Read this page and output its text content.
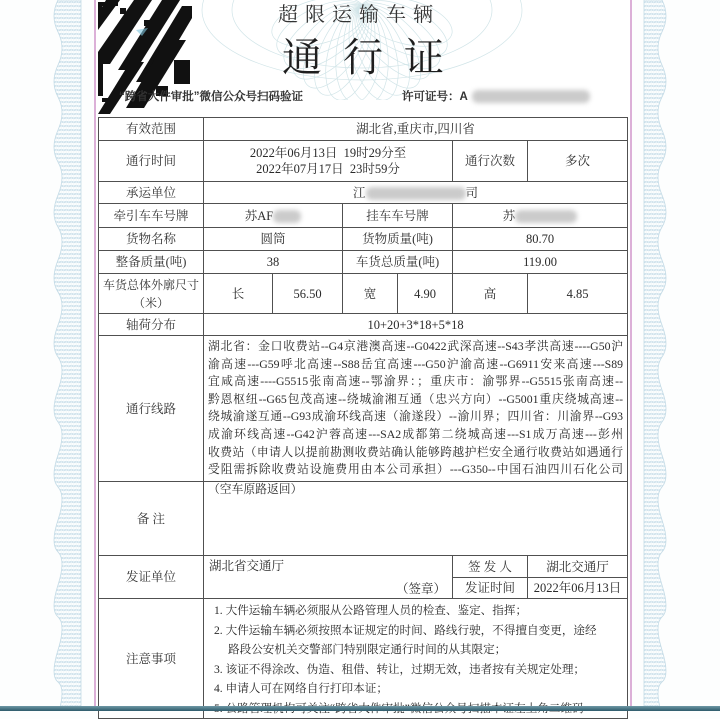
超限运输车辆
通行证
“跨省大件审批”微信公众号扫码验证	许可证号：A
有效范围	湖北省,重庆市,四川省					
通行时间	2022年06月13日  19时29分至
2022年07月17日  23时59分				通行次数	多次
承运单位	江 司					
牵引车车号牌	苏AF		挂车车号牌		苏	
货物名称	圆筒		货物质量(吨)		80.70	
整备质量(吨)	38		车货总质量(吨)		119.00	

车货总体外廓尺寸
（米）	长	56.50	宽	4.90	高	4.85
轴荷分布	10+20+3*18+5*18					
通行线路	
湖北省：金口收费站--G4京港澳高速--G0422武深高速--S43孝洪高速----G50沪
渝高速---G59呼北高速--S88岳宜高速---G50沪渝高速--G6911安来高速---S89
宜咸高速----G5515张南高速--鄂渝界：；重庆市：渝鄂界--G5515张南高速--
黔恩枢纽--G65包茂高速--绕城渝湘互通（忠兴方向）--G5001重庆绕城高速--
绕城渝遂互通--G93成渝环线高速（渝遂段）--渝川界；四川省：川渝界--G93
成渝环线高速--G42沪蓉高速---SA2成都第二绕城高速---S1成万高速---彭州
收费站（申请人以提前勘测收费站确认能够跨越护栏安全通行收费站如遇通行
受阻需拆除收费站设施费用由本公司承担）---G350--中国石油四川石化公司

备 注	（空车原路返回）					

发证单位	湖北省交通厅
（签章）				签 发 人	湖北交通厅
					发证时间	2022年06月13日
注意事项	
1. 大件运输车辆必须服从公路管理人员的检查、鉴定、指挥；
2. 大件运输车辆必须按照本证规定的时间、路线行驶，不得擅自变更，途经
路段公安机关交警部门特别限定通行时间的从其限定；
3. 该证不得涂改、伪造、租借、转让，过期无效，违者按有关规定处理；
4. 申请人可在网络自行打印本证；
